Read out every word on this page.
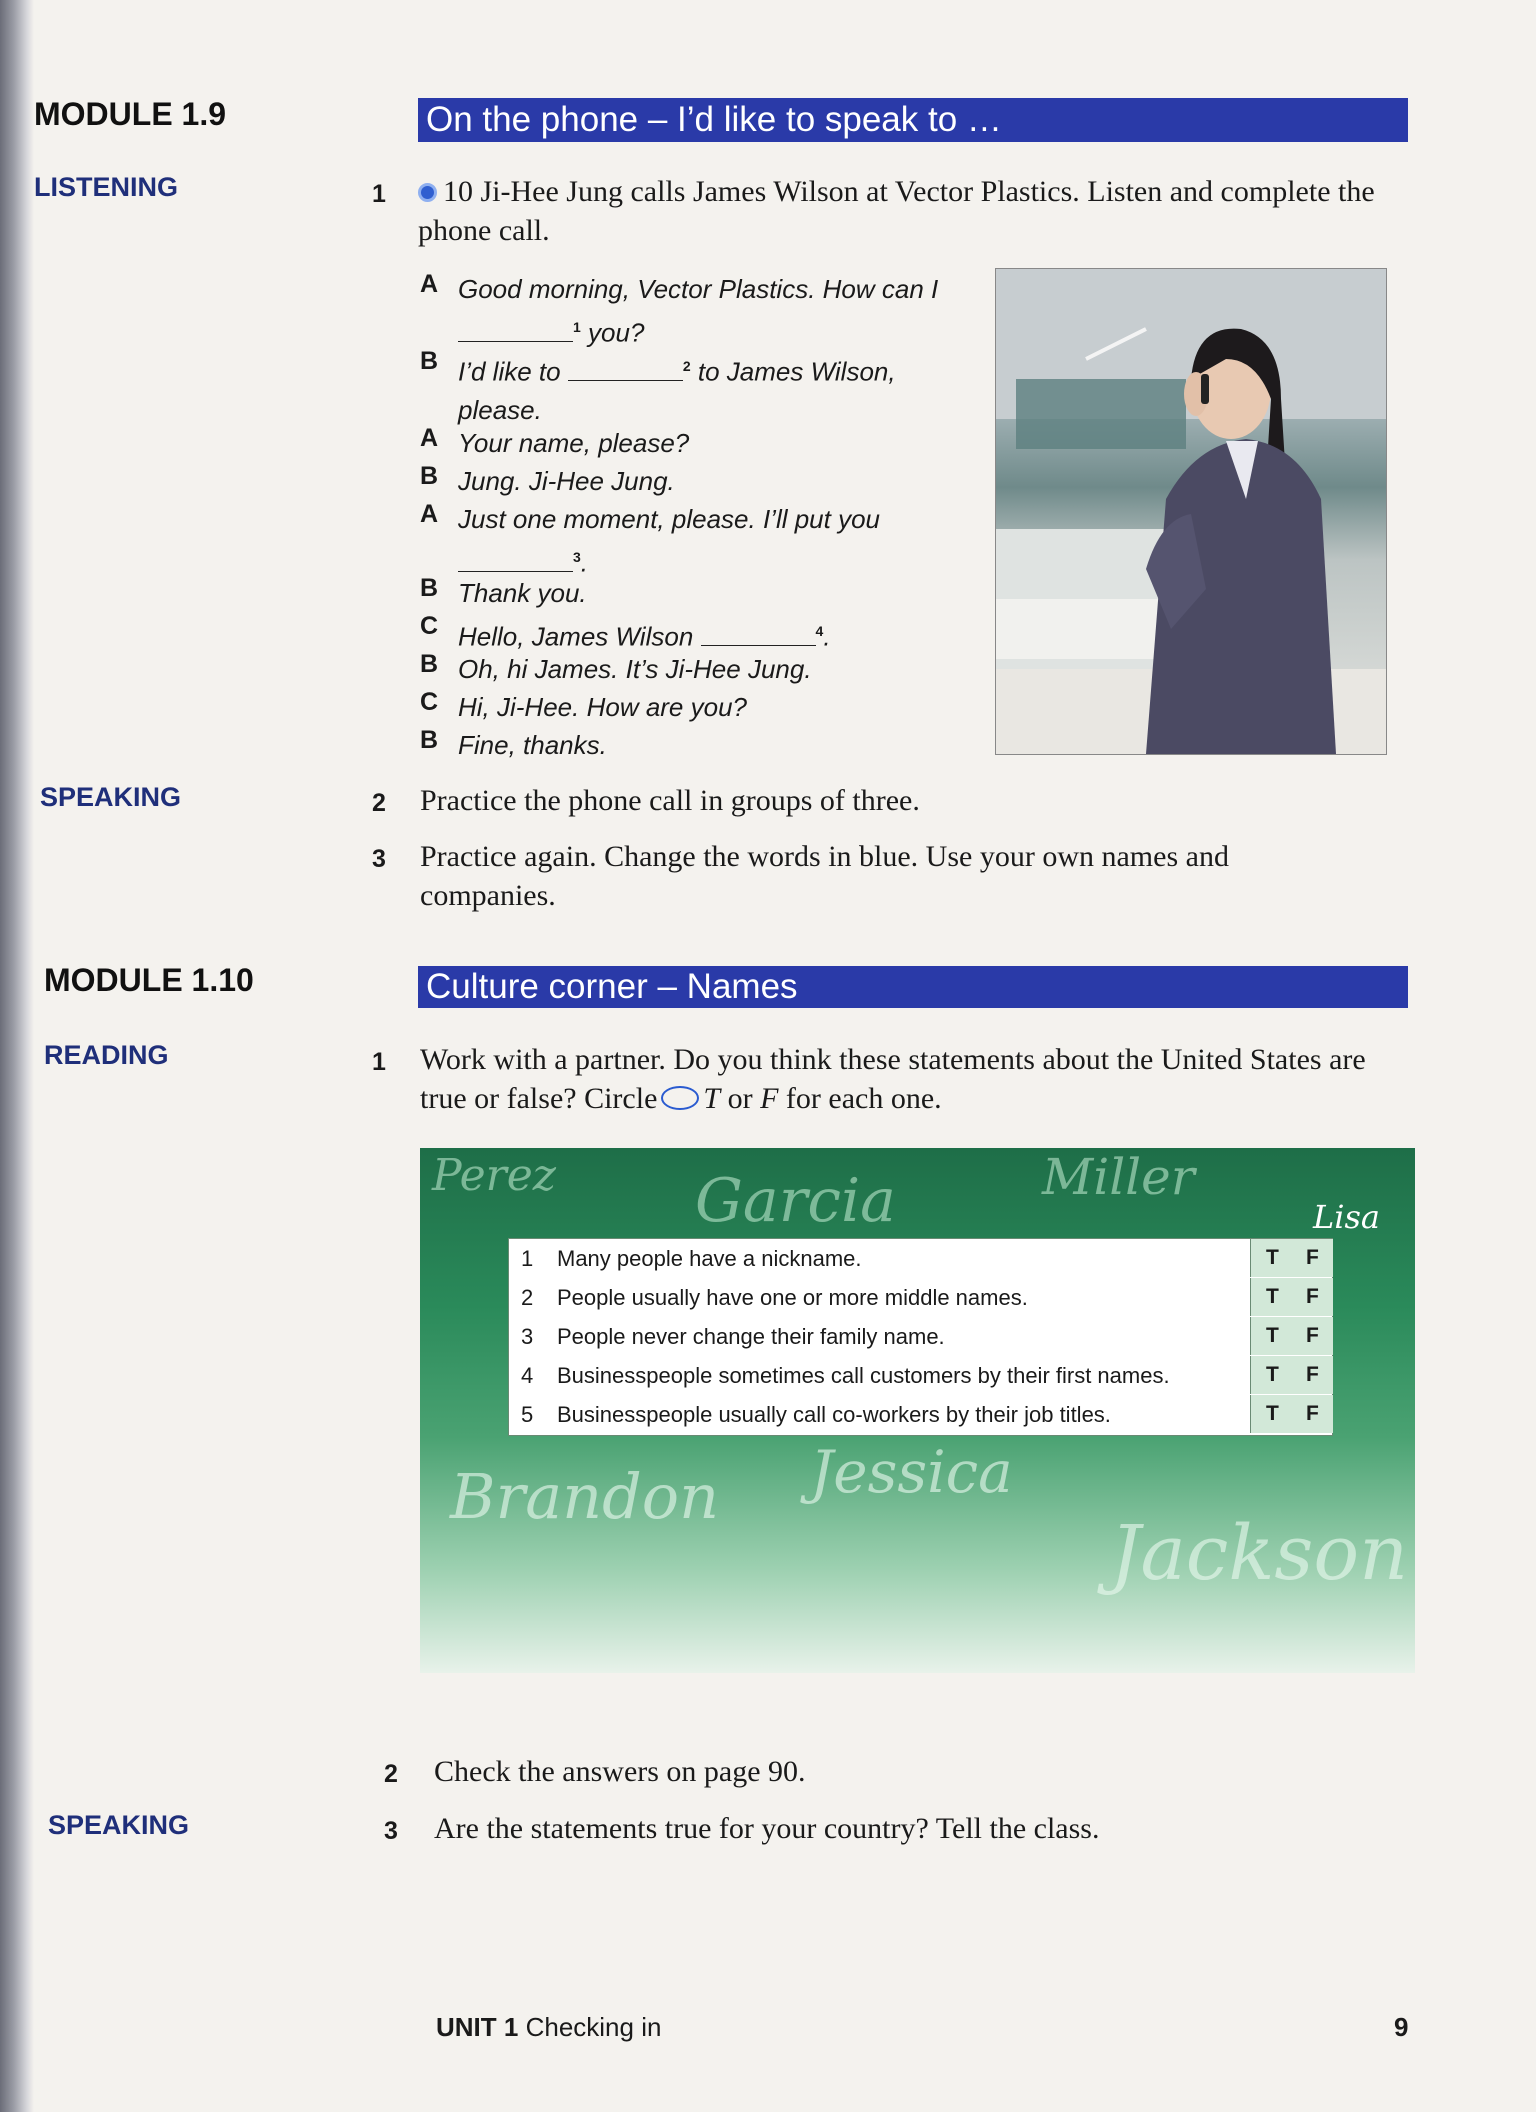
MODULE 1.9	On the phone – I’d like to speak to …
LISTENING	1	10 Ji-Hee Jung calls James Wilson at Vector Plastics. Listen and complete the phone call.
A Good morning, Vector Plastics. How can I
$^1$ you?
B I’d like to	$^2$ to James Wilson, please.
A Your name, please?
B Jung. Ji-Hee Jung.
A Just one moment, please. I’ll put you
$^3$.
B Thank you.
C Hello, James Wilson	$^4$.
B Oh, hi James. It’s Ji-Hee Jung.
C Hi, Ji-Hee. How are you?
B Fine, thanks.
SPEAKING	2 Practice the phone call in groups of three.
3 Practice again. Change the words in blue. Use your own names and companies.
MODULE 1.10	Culture corner – Names
READING	1 Work with a partner. Do you think these statements about the United States are true or false? Circle T or F for each one.
Perez Garcia	Miller
Lisa
Brandon Jessica
Jackson
1 Many people have a nickname.	T F
2 People usually have one or more middle names.	T F
3 People never change their family name.	T F
4 Businesspeople sometimes call customers by their first names.	T F
5 Businesspeople usually call co-workers by their job titles.	T F
2 Check the answers on page 90.
SPEAKING	3 Are the statements true for your country? Tell the class.
UNIT 1 Checking in	9
